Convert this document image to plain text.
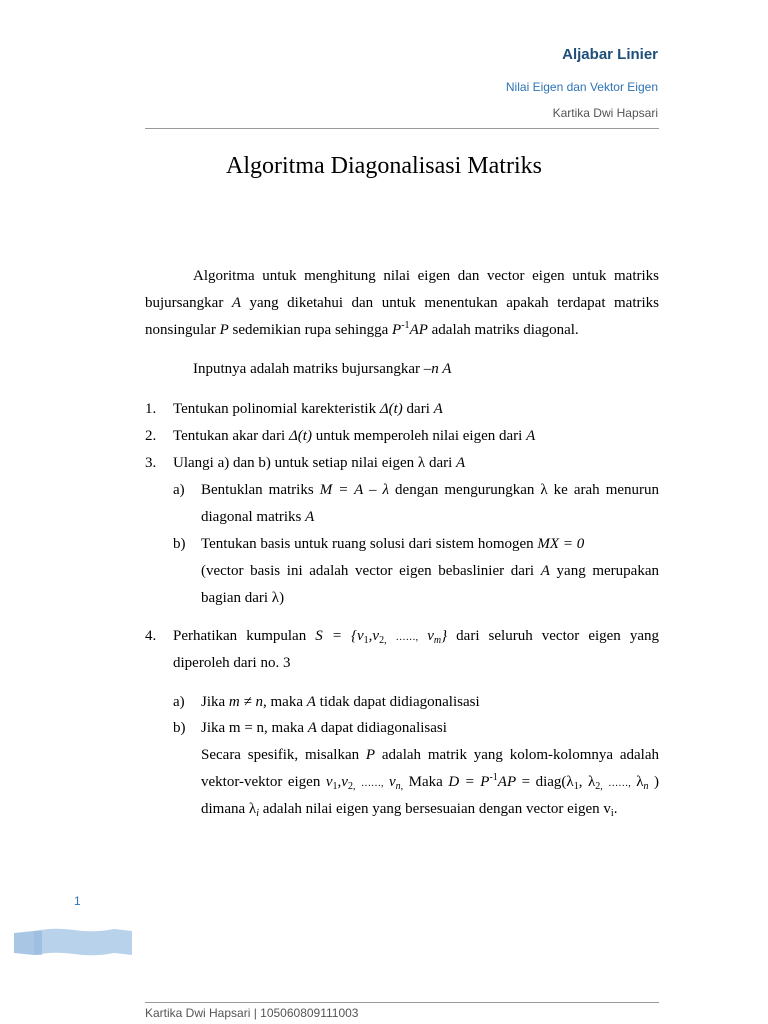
Aljabar Linier
Nilai Eigen dan Vektor Eigen
Kartika Dwi Hapsari
Algoritma Diagonalisasi Matriks
Algoritma untuk menghitung nilai eigen dan vector eigen untuk matriks
bujursangkar A yang diketahui dan untuk menentukan apakah terdapat matriks
nonsingular P sedemikian rupa sehingga $P^{-1}AP$ adalah matriks diagonal.
Inputnya adalah matriks bujursangkar –n A
1. Tentukan polinomial karekteristik Δ(t) dari A
2. Tentukan akar dari Δ(t) untuk memperoleh nilai eigen dari A
3. Ulangi a) dan b) untuk setiap nilai eigen λ dari A
a) Bentuklan matriks M = A – λ dengan mengurungkan λ ke arah menurun
diagonal matriks A
b) Tentukan basis untuk ruang solusi dari sistem homogen MX = 0
(vector basis ini adalah vector eigen bebaslinier dari A yang merupakan
bagian dari λ)
4. Perhatikan kumpulan $S = \{v_1,v_{2,}$ ……, $v_m$} dari seluruh vector eigen yang
diperoleh dari no. 3
a) Jika m ≠ n, maka A tidak dapat didiagonalisasi
b) Jika m = n, maka A dapat didiagonalisasi
Secara spesifik, misalkan P adalah matrik yang kolom-kolomnya adalah
vektor-vektor eigen $v_1,v_{2,}$ ……, $v_{n,}$ Maka $D = P^{-1}AP$ = $diag(\lambda_1$, $\lambda_{2,}$ ……, $\lambda_n$ )
dimana $\lambda_i$ adalah nilai eigen yang bersesuaian dengan vector eigen $v_i$.
1
Kartika Dwi Hapsari | 105060809111003
